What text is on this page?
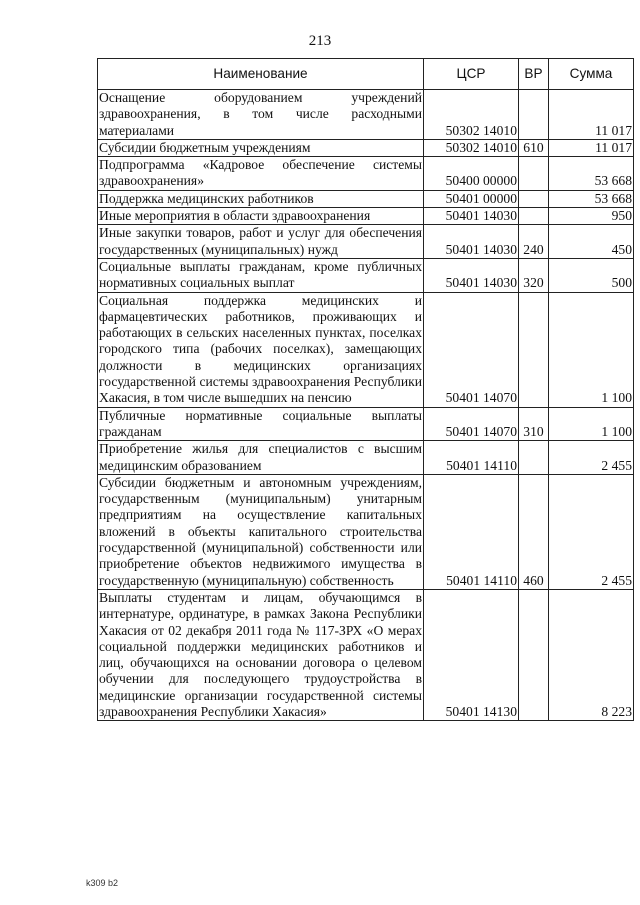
213
Наименование	ЦСР	ВР	Сумма
Оснащение оборудованием учреждений здравоохранения, в том числе расходными материалами	50302 14010		11 017
Субсидии бюджетным учреждениям	50302 14010	610	11 017
Подпрограмма «Кадровое обеспечение системы здравоохранения»	50400 00000		53 668
Поддержка медицинских работников	50401 00000		53 668
Иные мероприятия в области здравоохранения	50401 14030		950
Иные закупки товаров, работ и услуг для обеспечения государственных (муниципальных) нужд	50401 14030	240	450
Социальные выплаты гражданам, кроме публичных нормативных социальных выплат	50401 14030	320	500
Социальная поддержка медицинских и фармацевтических работников, проживающих и работающих в сельских населенных пунктах, поселках городского типа (рабочих поселках), замещающих должности в медицинских организациях государственной системы здравоохранения Республики Хакасия, в том числе вышедших на пенсию	50401 14070		1 100
Публичные нормативные социальные выплаты гражданам	50401 14070	310	1 100
Приобретение жилья для специалистов с высшим медицинским образованием	50401 14110		2 455
Субсидии бюджетным и автономным учреждениям, государственным (муниципальным) унитарным предприятиям на осуществление капитальных вложений в объекты капитального строительства государственной (муниципальной) собственности или приобретение объектов недвижимого имущества в государственную (муниципальную) собственность	50401 14110	460	2 455
Выплаты студентам и лицам, обучающимся в интернатуре, ординатуре, в рамках Закона Республики Хакасия от 02 декабря 2011 года № 117-ЗРХ «О мерах социальной поддержки медицинских работников и лиц, обучающихся на основании договора о целевом обучении для последующего трудоустройства в медицинские организации государственной системы здравоохранения Республики Хакасия»	50401 14130		8 223
k309 b2
